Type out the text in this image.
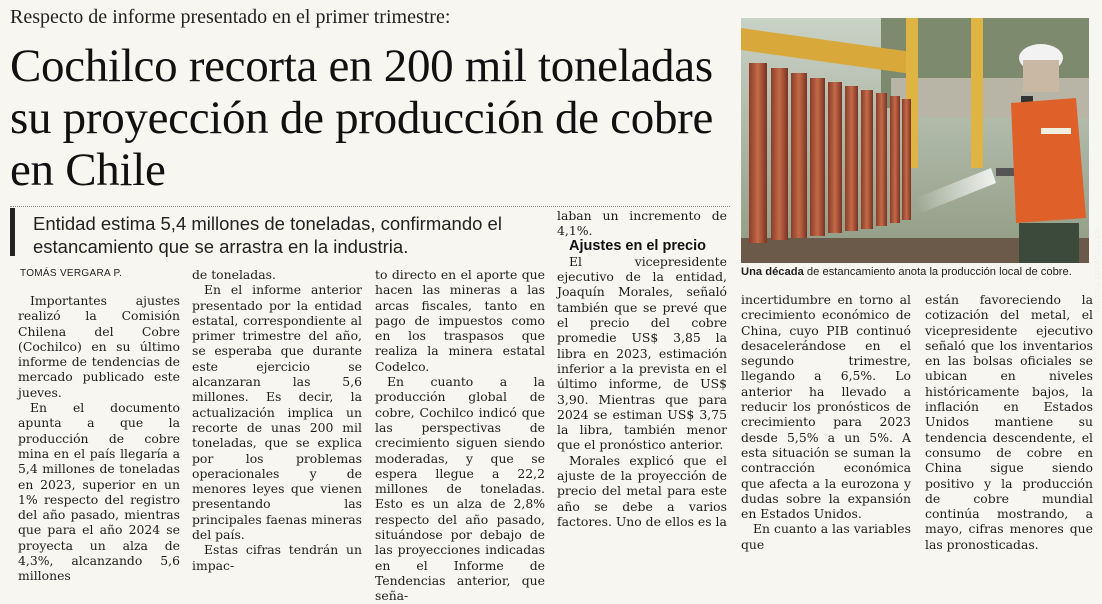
Respecto de informe presentado en el primer trimestre:
Cochilco recorta en 200 mil toneladas su proyección de producción de cobre en Chile
Entidad estima 5,4 millones de toneladas, confirmando el estancamiento que se arrastra en la industria.
TOMÁS VERGARA P.

Importantes ajustes realizó la Comisión Chilena del Cobre (Cochilco) en su último informe de tendencias de mercado publicado este jueves.

En el documento apunta a que la producción de cobre mina en el país llegaría a 5,4 millones de toneladas en 2023, superior en un 1% respecto del registro del año pasado, mientras que para el año 2024 se proyecta un alza de 4,3%, alcanzando 5,6 millones

de toneladas.

En el informe anterior presentado por la entidad estatal, correspondiente al primer trimestre del año, se esperaba que durante este ejercicio se alcanzaran las 5,6 millones. Es decir, la actualización implica un recorte de unas 200 mil toneladas, que se explica por los problemas operacionales y de menores leyes que vienen presentando las principales faenas mineras del país.

Estas cifras tendrán un impac-

to directo en el aporte que hacen las mineras a las arcas fiscales, tanto en pago de impuestos como en los traspasos que realiza la minera estatal Codelco.

En cuanto a la producción global de cobre, Cochilco indicó que las perspectivas de crecimiento siguen siendo moderadas, y que se espera llegue a 22,2 millones de toneladas. Esto es un alza de 2,8% respecto del año pasado, situándose por debajo de las proyecciones indicadas en el Informe de Tendencias anterior, que seña-

laban un incremento de 4,1%.

Ajustes en el precio

El vicepresidente ejecutivo de la entidad, Joaquín Morales, señaló también que se prevé que el precio del cobre promedie US$ 3,85 la libra en 2023, estimación inferior a la prevista en el último informe, de US$ 3,90. Mientras que para 2024 se estiman US$ 3,75 la libra, también menor que el pronóstico anterior.

Morales explicó que el ajuste de la proyección de precio del metal para este año se debe a varios factores. Uno de ellos es la

MINERA TRES VALLES
Una década de estancamiento anota la producción local de cobre.

incertidumbre en torno al crecimiento económico de China, cuyo PIB continuó desacelerándose en el segundo trimestre, llegando a 6,5%. Lo anterior ha llevado a reducir los pronósticos de crecimiento para 2023 desde 5,5% a un 5%. A esta situación se suman la contracción económica que afecta a la eurozona y dudas sobre la expansión en Estados Unidos.

En cuanto a las variables que

están favoreciendo la cotización del metal, el vicepresidente ejecutivo señaló que los inventarios en las bolsas oficiales se ubican en niveles históricamente bajos, la inflación en Estados Unidos mantiene su tendencia descendente, el consumo de cobre en China sigue siendo positivo y la producción de cobre mundial continúa mostrando, a mayo, cifras menores que las pronosticadas.
